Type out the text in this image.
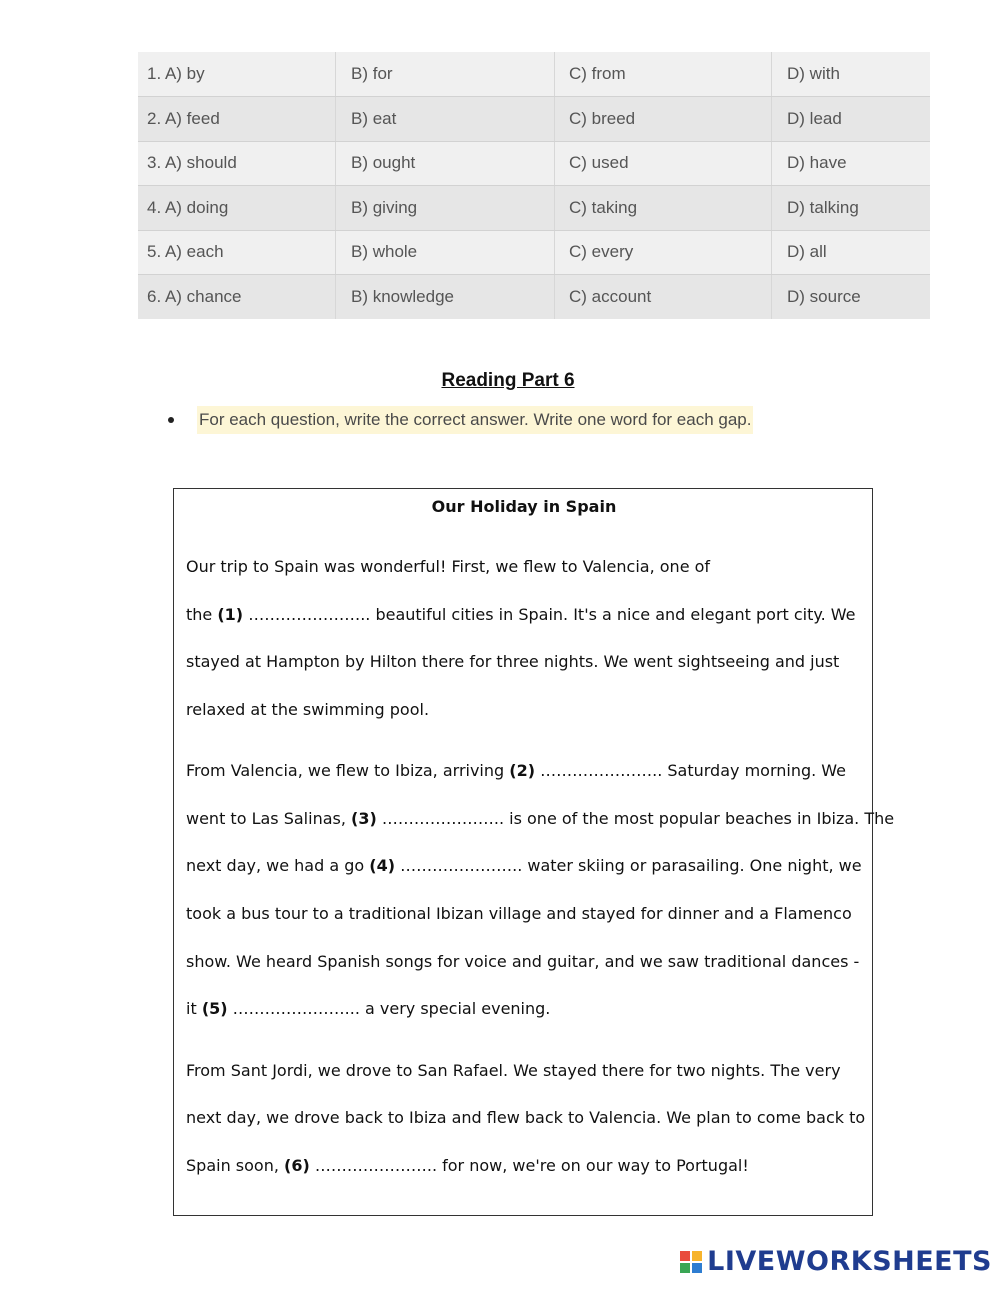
1. A) by	B) for	C) from	D) with
2. A) feed	B) eat	C) breed	D) lead
3. A) should	B) ought	C) used	D) have
4. A) doing	B) giving	C) taking	D) talking
5. A) each	B) whole	C) every	D) all
6. A) chance	B) knowledge	C) account	D) source
Reading Part 6
For each question, write the correct answer. Write one word for each gap.
Our Holiday in Spain
Our trip to Spain was wonderful! First, we flew to Valencia, one of
the (1) ………………….. beautiful cities in Spain. It's a nice and elegant port city. We
stayed at Hampton by Hilton there for three nights. We went sightseeing and just
relaxed at the swimming pool.
From Valencia, we flew to Ibiza, arriving (2) ………………….. Saturday morning. We
went to Las Salinas, (3) ………………….. is one of the most popular beaches in Ibiza. The
next day, we had a go (4) ………………….. water skiing or parasailing. One night, we
took a bus tour to a traditional Ibizan village and stayed for dinner and a Flamenco
show. We heard Spanish songs for voice and guitar, and we saw traditional dances -
it (5) …………………... a very special evening.
From Sant Jordi, we drove to San Rafael. We stayed there for two nights. The very
next day, we drove back to Ibiza and flew back to Valencia. We plan to come back to
Spain soon, (6) ………………….. for now, we're on our way to Portugal!
LIVEWORKSHEETS
